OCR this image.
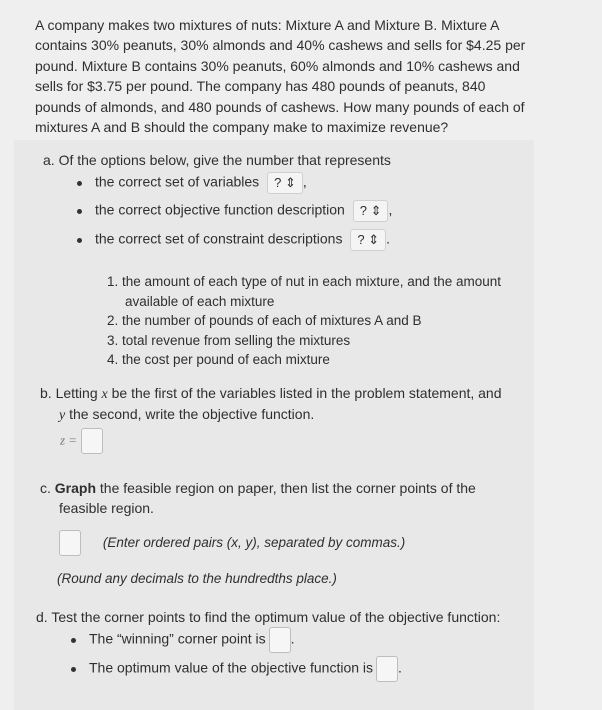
A company makes two mixtures of nuts: Mixture A and Mixture B. Mixture A contains 30% peanuts, 30% almonds and 40% cashews and sells for $4.25 per pound. Mixture B contains 30% peanuts, 60% almonds and 10% cashews and sells for $3.75 per pound. The company has 480 pounds of peanuts, 840 pounds of almonds, and 480 pounds of cashews. How many pounds of each of mixtures A and B should the company make to maximize revenue?
a. Of the options below, give the number that represents
the correct set of variables ? ⇕ ,
the correct objective function description ? ⇕ ,
the correct set of constraint descriptions ? ⇕ .
1. the amount of each type of nut in each mixture, and the amount
available of each mixture
2. the number of pounds of each of mixtures A and B
3. total revenue from selling the mixtures
4. the cost per pound of each mixture
b. Letting x be the first of the variables listed in the problem statement, and
y the second, write the objective function.
z =
c. Graph the feasible region on paper, then list the corner points of the
feasible region.
(Enter ordered pairs (x, y), separated by commas.)
(Round any decimals to the hundredths place.)
d. Test the corner points to find the optimum value of the objective function:
The “winning” corner point is .
The optimum value of the objective function is .
